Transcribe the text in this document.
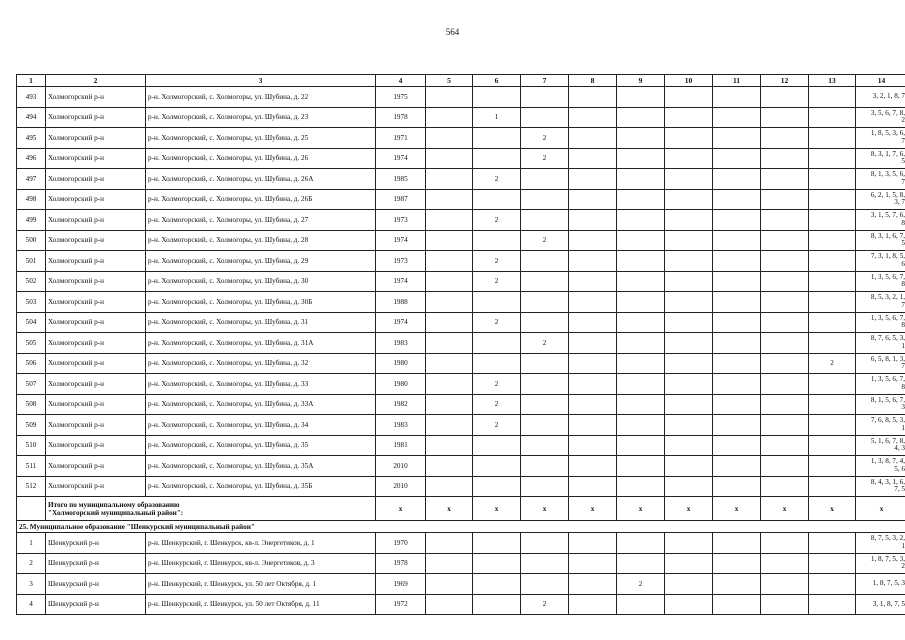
564
1	2	3	4	5	6	7	8	9	10	11	12	13	14
493	Холмогорский р-н	р-н. Холмогорский, с. Холмогоры, ул. Шубина, д. 22	1975										3, 2, 1, 8, 7
494	Холмогорский р-н	р-н. Холмогорский, с. Холмогоры, ул. Шубина, д. 23	1978		1								3, 5, 6, 7, 8,
2
495	Холмогорский р-н	р-н. Холмогорский, с. Холмогоры, ул. Шубина, д. 25	1971			2							1, 8, 5, 3, 6,
7
496	Холмогорский р-н	р-н. Холмогорский, с. Холмогоры, ул. Шубина, д. 26	1974			2							8, 3, 1, 7, 6,
5
497	Холмогорский р-н	р-н. Холмогорский, с. Холмогоры, ул. Шубина, д. 26А	1985		2								8, 1, 3, 5, 6,
7
498	Холмогорский р-н	р-н. Холмогорский, с. Холмогоры, ул. Шубина, д. 26Б	1987										6, 2, 1, 5, 8,
3, 7
499	Холмогорский р-н	р-н. Холмогорский, с. Холмогоры, ул. Шубина, д. 27	1973		2								3, 1, 5, 7, 6,
8
500	Холмогорский р-н	р-н. Холмогорский, с. Холмогоры, ул. Шубина, д. 28	1974			2							8, 3, 1, 6, 7,
5
501	Холмогорский р-н	р-н. Холмогорский, с. Холмогоры, ул. Шубина, д. 29	1973		2								7, 3, 1, 8, 5,
6
502	Холмогорский р-н	р-н. Холмогорский, с. Холмогоры, ул. Шубина, д. 30	1974		2								1, 3, 5, 6, 7,
8
503	Холмогорский р-н	р-н. Холмогорский, с. Холмогоры, ул. Шубина, д. 30Б	1988										8, 5, 3, 2, 1,
7
504	Холмогорский р-н	р-н. Холмогорский, с. Холмогоры, ул. Шубина, д. 31	1974		2								1, 3, 5, 6, 7,
8
505	Холмогорский р-н	р-н. Холмогорский, с. Холмогоры, ул. Шубина, д. 31А	1983			2							8, 7, 6, 5, 3,
1
506	Холмогорский р-н	р-н. Холмогорский, с. Холмогоры, ул. Шубина, д. 32	1980									2	6, 5, 8, 1, 3,
7
507	Холмогорский р-н	р-н. Холмогорский, с. Холмогоры, ул. Шубина, д. 33	1980		2								1, 3, 5, 6, 7,
8
508	Холмогорский р-н	р-н. Холмогорский, с. Холмогоры, ул. Шубина, д. 33А	1982		2								8, 1, 5, 6, 7,
3
509	Холмогорский р-н	р-н. Холмогорский, с. Холмогоры, ул. Шубина, д. 34	1983		2								7, 6, 8, 5, 3,
1
510	Холмогорский р-н	р-н. Холмогорский, с. Холмогоры, ул. Шубина, д. 35	1981										5, 1, 6, 7, 8,
4, 3
511	Холмогорский р-н	р-н. Холмогорский, с. Холмогоры, ул. Шубина, д. 35А	2010										1, 3, 8, 7, 4,
5, 6
512	Холмогорский р-н	р-н. Холмогорский, с. Холмогоры, ул. Шубина, д. 35Б	2010										8, 4, 3, 1, 6,
7, 5
	Итого по муниципальному образованию
"Холмогорский муниципальный район":		x	x	x	x	x	x	x	x	x	x	x
25. Муниципальное образование "Шенкурский муниципальный район"													
1	Шенкурский р-н	р-н. Шенкурский, г. Шенкурск, кв-л. Энергетиков, д. 1	1970										8, 7, 5, 3, 2,
1
2	Шенкурский р-н	р-н. Шенкурский, г. Шенкурск, кв-л. Энергетиков, д. 3	1978										1, 8, 7, 5, 3,
2
3	Шенкурский р-н	р-н. Шенкурский, г. Шенкурск, ул. 50 лет Октября, д. 1	1969					2					1, 8, 7, 5, 3
4	Шенкурский р-н	р-н. Шенкурский, г. Шенкурск, ул. 50 лет Октября, д. 11	1972			2							3, 1, 8, 7, 5
